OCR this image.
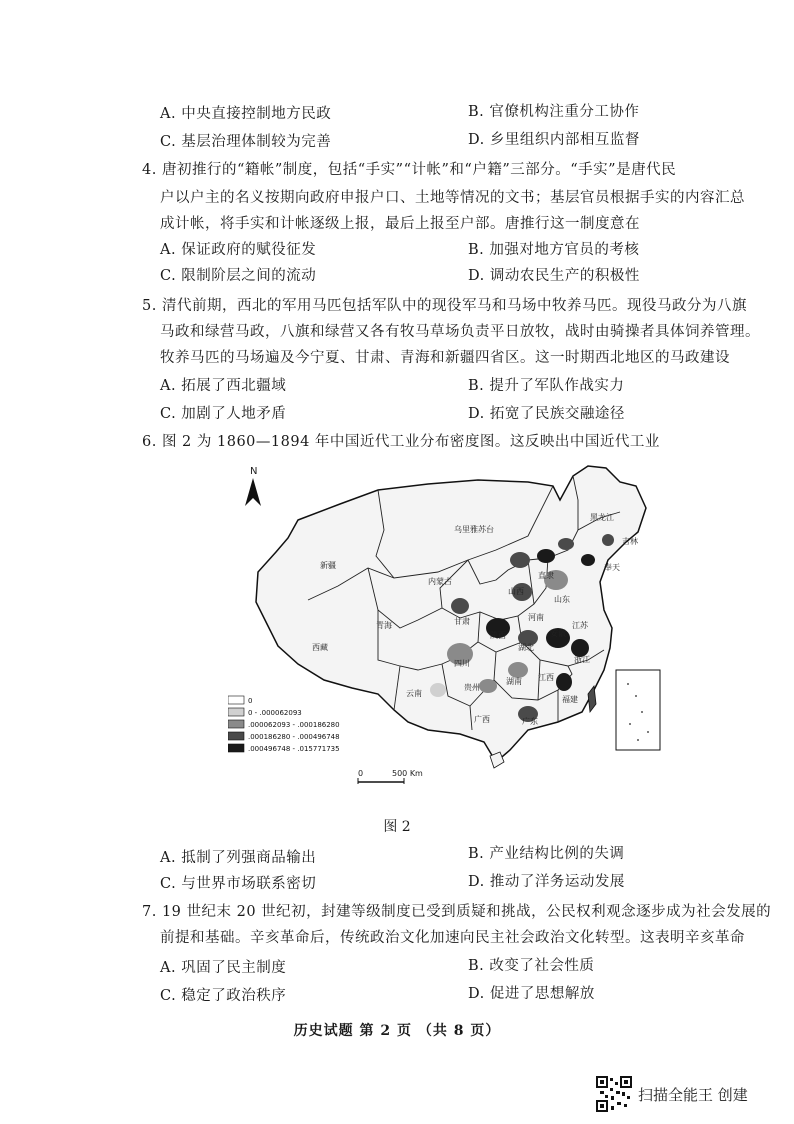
A. 中央直接控制地方民政	B. 官僚机构注重分工协作
C. 基层治理体制较为完善	D. 乡里组织内部相互监督
4. 唐初推行的“籍帐”制度，包括“手实”“计帐”和“户籍”三部分。“手实”是唐代民
户以户主的名义按期向政府申报户口、土地等情况的文书；基层官员根据手实的内容汇总
成计帐，将手实和计帐逐级上报，最后上报至户部。唐推行这一制度意在
A. 保证政府的赋役征发	B. 加强对地方官员的考核
C. 限制阶层之间的流动	D. 调动农民生产的积极性
5. 清代前期，西北的军用马匹包括军队中的现役军马和马场中牧养马匹。现役马政分为八旗
马政和绿营马政，八旗和绿营又各有牧马草场负责平日放牧，战时由骑操者具体饲养管理。
牧养马匹的马场遍及今宁夏、甘肃、青海和新疆四省区。这一时期西北地区的马政建设
A. 拓展了西北疆域	B. 提升了军队作战实力
C. 加剧了人地矛盾	D. 拓宽了民族交融途径
6. 图 2 为 1860—1894 年中国近代工业分布密度图。这反映出中国近代工业
N
黑龙江
吉林
奉天
乌里雅苏台
新疆
内蒙古
直隶
山西
山东
青海	甘肃
陕西
河南
西藏
四川
湖北
安徽
江苏
湖南 江西
浙江
云南
贵州
福建
广西	广东
0
0 - .000062093
.000062093 - .000186280
.000186280 - .000496748
.000496748 - .015771735
0	500 Km
图 2
A. 抵制了列强商品输出	B. 产业结构比例的失调
C. 与世界市场联系密切	D. 推动了洋务运动发展
7. 19 世纪末 20 世纪初，封建等级制度已受到质疑和挑战，公民权利观念逐步成为社会发展的
前提和基础。辛亥革命后，传统政治文化加速向民主社会政治文化转型。这表明辛亥革命
A. 巩固了民主制度	B. 改变了社会性质
C. 稳定了政治秩序	D. 促进了思想解放
历史试题 第 2 页 （共 8 页）
扫描全能王 创建
